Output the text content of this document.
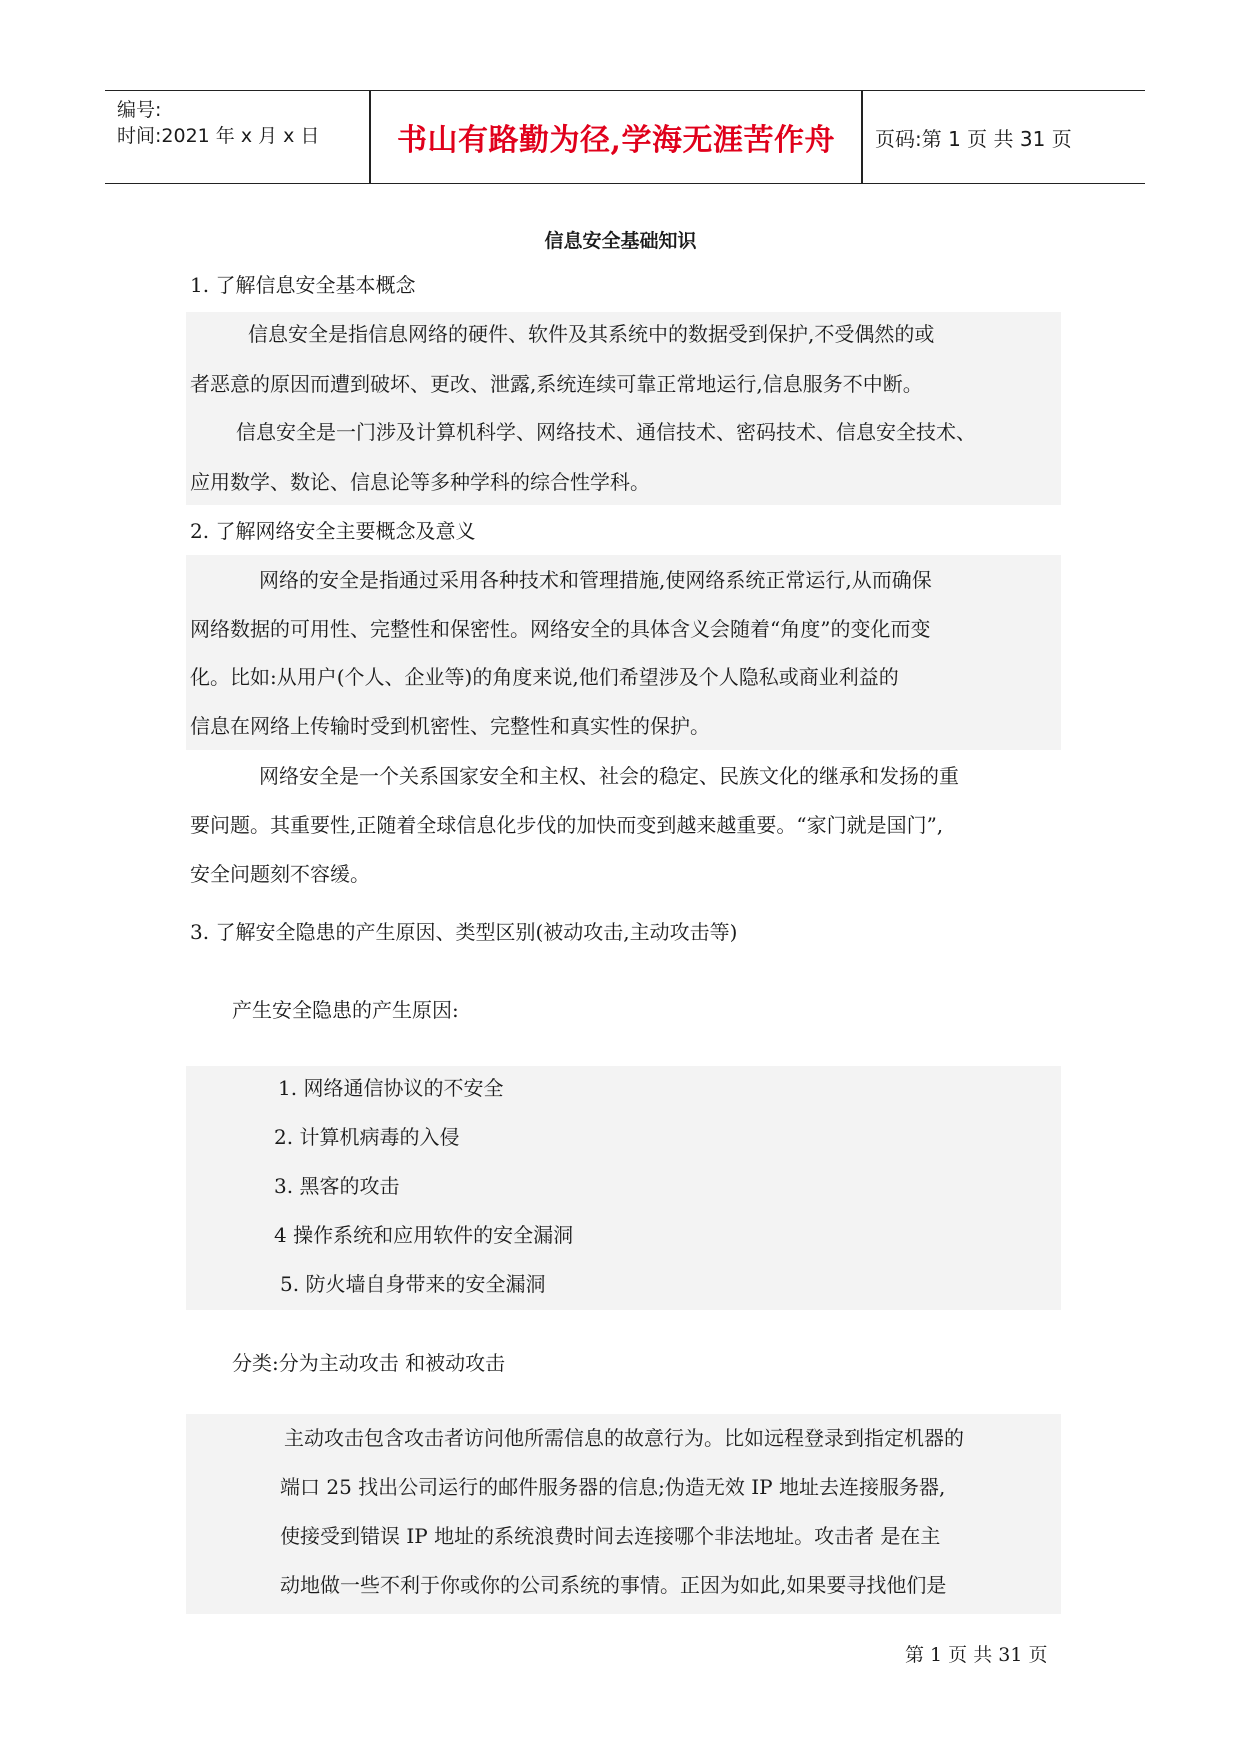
编号:
时间:2021 年 x 月 x 日	书山有路勤为径,学海无涯苦作舟	页码:第 1 页 共 31 页
信息安全基础知识
1. 了解信息安全基本概念
信息安全是指信息网络的硬件、软件及其系统中的数据受到保护,不受偶然的或
者恶意的原因而遭到破坏、更改、泄露,系统连续可靠正常地运行,信息服务不中断。
信息安全是一门涉及计算机科学、网络技术、通信技术、密码技术、信息安全技术、
应用数学、数论、信息论等多种学科的综合性学科。
2. 了解网络安全主要概念及意义
网络的安全是指通过采用各种技术和管理措施,使网络系统正常运行,从而确保
网络数据的可用性、完整性和保密性。网络安全的具体含义会随着“角度”的变化而变
化。比如:从用户(个人、企业等)的角度来说,他们希望涉及个人隐私或商业利益的
信息在网络上传输时受到机密性、完整性和真实性的保护。
网络安全是一个关系国家安全和主权、社会的稳定、民族文化的继承和发扬的重
要问题。其重要性,正随着全球信息化步伐的加快而变到越来越重要。“家门就是国门”,
安全问题刻不容缓。
3. 了解安全隐患的产生原因、类型区别(被动攻击,主动攻击等)
产生安全隐患的产生原因:
1. 网络通信协议的不安全
2. 计算机病毒的入侵
3. 黑客的攻击
4 操作系统和应用软件的安全漏洞
5. 防火墙自身带来的安全漏洞
分类:分为主动攻击 和被动攻击
主动攻击包含攻击者访问他所需信息的故意行为。比如远程登录到指定机器的
端口 25 找出公司运行的邮件服务器的信息;伪造无效 IP 地址去连接服务器,
使接受到错误 IP 地址的系统浪费时间去连接哪个非法地址。攻击者 是在主
动地做一些不利于你或你的公司系统的事情。正因为如此,如果要寻找他们是
第 1 页 共 31 页
